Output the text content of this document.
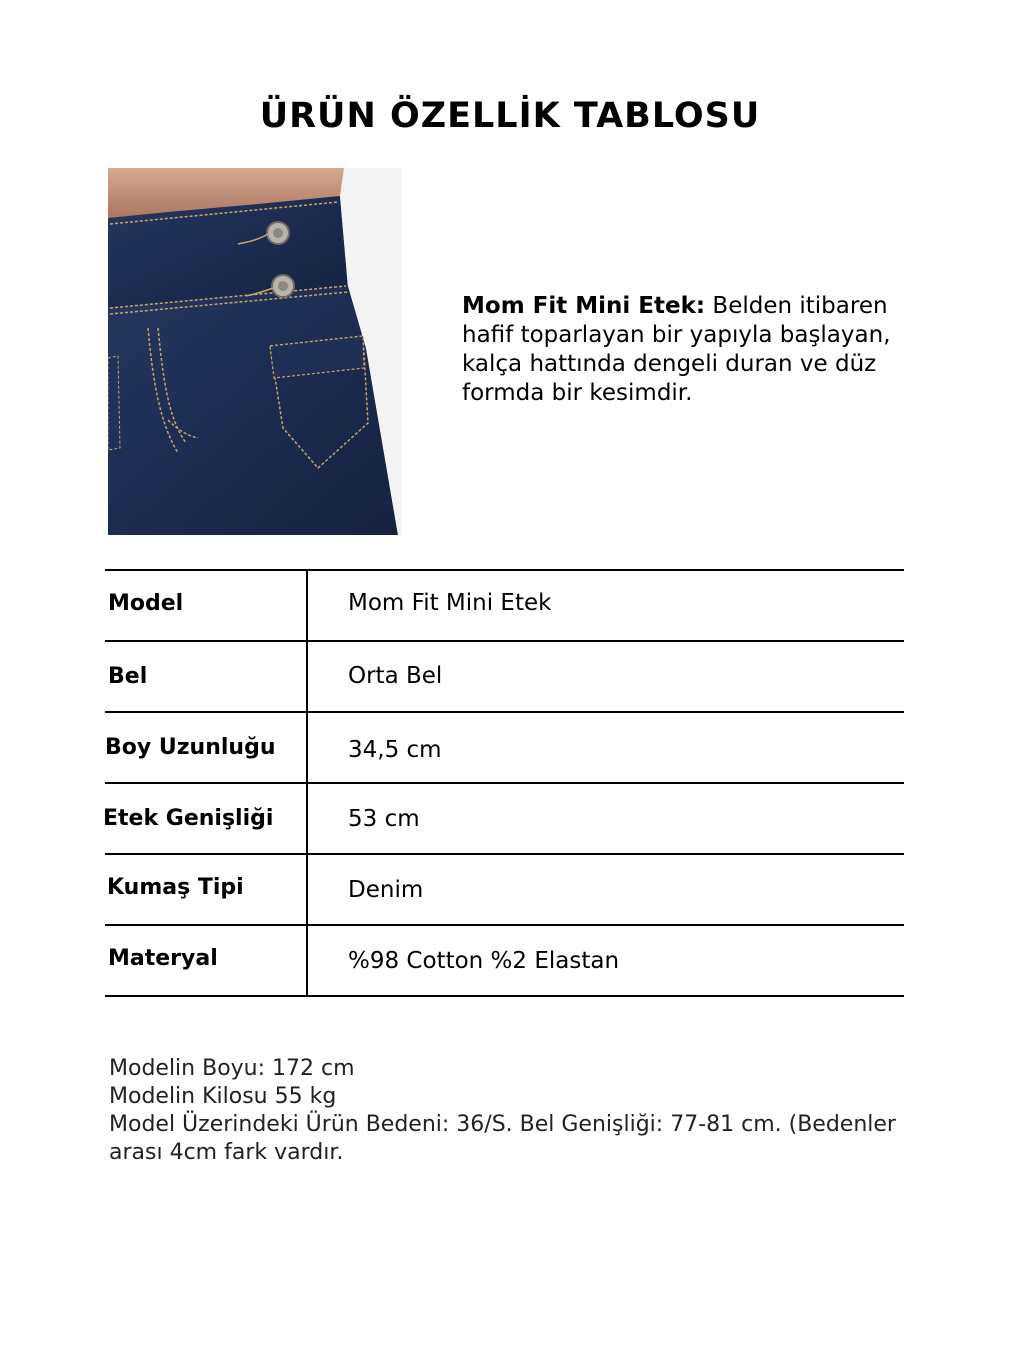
ÜRÜN ÖZELLİK TABLOSU
Mom Fit Mini Etek: Belden itibaren hafif toparlayan bir yapıyla başlayan, kalça hattında dengeli duran ve düz formda bir kesimdir.
Model	Mom Fit Mini Etek
Bel	Orta Bel
Boy Uzunluğu	34,5 cm
Etek Genişliği	53 cm
Kumaş Tipi	Denim
Materyal	%98 Cotton %2 Elastan
Modelin Boyu: 172 cm
Modelin Kilosu 55 kg
Model Üzerindeki Ürün Bedeni: 36/S. Bel Genişliği: 77-81 cm. (Bedenler arası 4cm fark vardır.
